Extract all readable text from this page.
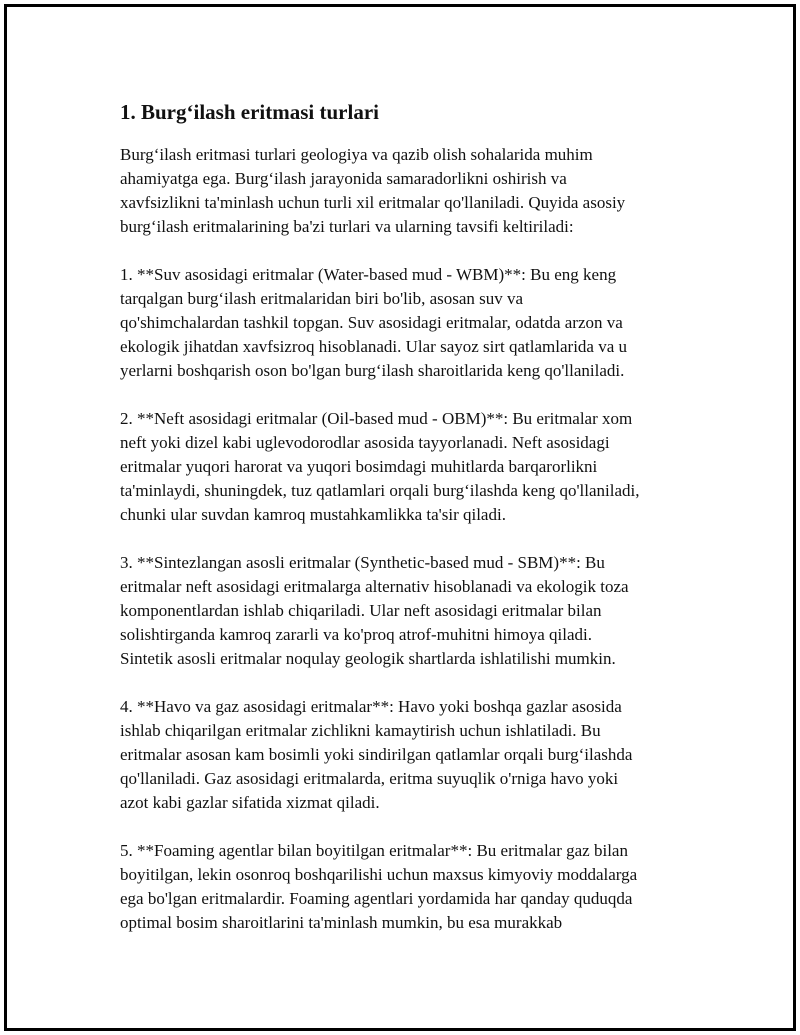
1. Burg‘ilash eritmasi turlari

Burg‘ilash eritmasi turlari geologiya va qazib olish sohalarida muhim
ahamiyatga ega. Burg‘ilash jarayonida samaradorlikni oshirish va
xavfsizlikni ta'minlash uchun turli xil eritmalar qo'llaniladi. Quyida asosiy
burg‘ilash eritmalarining ba'zi turlari va ularning tavsifi keltiriladi:

1. **Suv asosidagi eritmalar (Water-based mud - WBM)**: Bu eng keng
tarqalgan burg‘ilash eritmalaridan biri bo'lib, asosan suv va
qo'shimchalardan tashkil topgan. Suv asosidagi eritmalar, odatda arzon va
ekologik jihatdan xavfsizroq hisoblanadi. Ular sayoz sirt qatlamlarida va u
yerlarni boshqarish oson bo'lgan burg‘ilash sharoitlarida keng qo'llaniladi.

2. **Neft asosidagi eritmalar (Oil-based mud - OBM)**: Bu eritmalar xom
neft yoki dizel kabi uglevodorodlar asosida tayyorlanadi. Neft asosidagi
eritmalar yuqori harorat va yuqori bosimdagi muhitlarda barqarorlikni
ta'minlaydi, shuningdek, tuz qatlamlari orqali burg‘ilashda keng qo'llaniladi,
chunki ular suvdan kamroq mustahkamlikka ta'sir qiladi.

3. **Sintezlangan asosli eritmalar (Synthetic-based mud - SBM)**: Bu
eritmalar neft asosidagi eritmalarga alternativ hisoblanadi va ekologik toza
komponentlardan ishlab chiqariladi. Ular neft asosidagi eritmalar bilan
solishtirganda kamroq zararli va ko'proq atrof-muhitni himoya qiladi.
Sintetik asosli eritmalar noqulay geologik shartlarda ishlatilishi mumkin.

4. **Havo va gaz asosidagi eritmalar**: Havo yoki boshqa gazlar asosida
ishlab chiqarilgan eritmalar zichlikni kamaytirish uchun ishlatiladi. Bu
eritmalar asosan kam bosimli yoki sindirilgan qatlamlar orqali burg‘ilashda
qo'llaniladi. Gaz asosidagi eritmalarda, eritma suyuqlik o'rniga havo yoki
azot kabi gazlar sifatida xizmat qiladi.

5. **Foaming agentlar bilan boyitilgan eritmalar**: Bu eritmalar gaz bilan
boyitilgan, lekin osonroq boshqarilishi uchun maxsus kimyoviy moddalarga
ega bo'lgan eritmalardir. Foaming agentlari yordamida har qanday quduqda
optimal bosim sharoitlarini ta'minlash mumkin, bu esa murakkab
